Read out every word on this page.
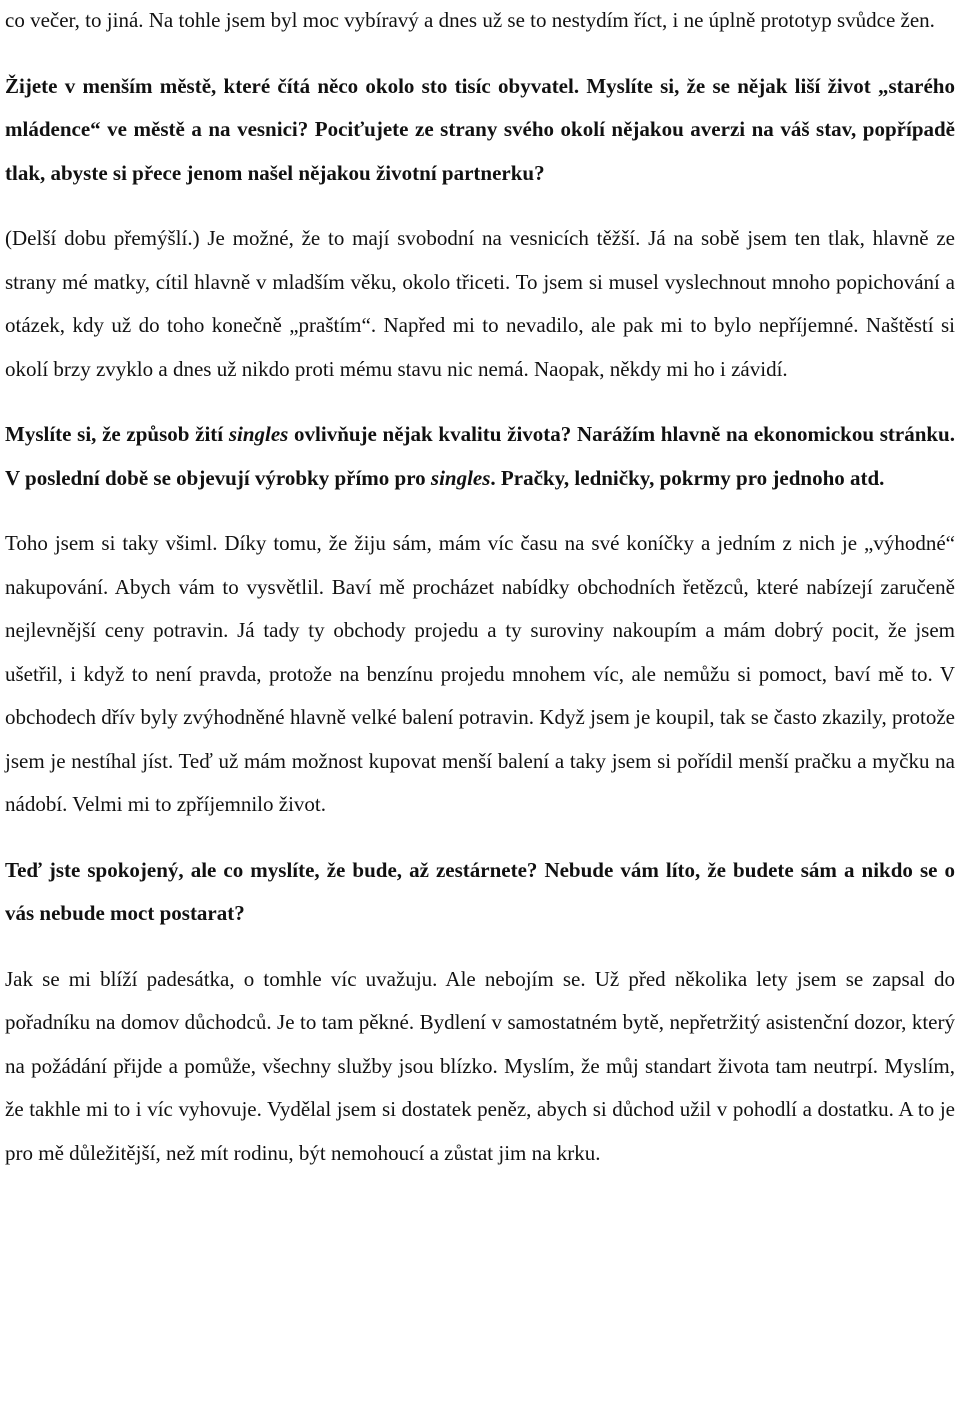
co večer, to jiná. Na tohle jsem byl moc vybíravý a dnes už se to nestydím říct, i ne úplně prototyp svůdce žen.

Žijete v menším městě, které čítá něco okolo sto tisíc obyvatel. Myslíte si, že se nějak liší život „starého mládence“ ve městě a na vesnici? Pociťujete ze strany svého okolí nějakou averzi na váš stav, popřípadě tlak, abyste si přece jenom našel nějakou životní partnerku?

(Delší dobu přemýšlí.) Je možné, že to mají svobodní na vesnicích těžší. Já na sobě jsem ten tlak, hlavně ze strany mé matky, cítil hlavně v mladším věku, okolo třiceti. To jsem si musel vyslechnout mnoho popichování a otázek, kdy už do toho konečně „praštím“. Napřed mi to nevadilo, ale pak mi to bylo nepříjemné. Naštěstí si okolí brzy zvyklo a dnes už nikdo proti mému stavu nic nemá. Naopak, někdy mi ho i závidí.

Myslíte si, že způsob žití singles ovlivňuje nějak kvalitu života? Narážím hlavně na ekonomickou stránku. V poslední době se objevují výrobky přímo pro singles. Pračky, ledničky, pokrmy pro jednoho atd.

Toho jsem si taky všiml. Díky tomu, že žiju sám, mám víc času na své koníčky a jedním z nich je „výhodné“ nakupování. Abych vám to vysvětlil. Baví mě procházet nabídky obchodních řetězců, které nabízejí zaručeně nejlevnější ceny potravin. Já tady ty obchody projedu a ty suroviny nakoupím a mám dobrý pocit, že jsem ušetřil, i když to není pravda, protože na benzínu projedu mnohem víc, ale nemůžu si pomoct, baví mě to. V obchodech dřív byly zvýhodněné hlavně velké balení potravin. Když jsem je koupil, tak se často zkazily, protože jsem je nestíhal jíst. Teď už mám možnost kupovat menší balení a taky jsem si pořídil menší pračku a myčku na nádobí. Velmi mi to zpříjemnilo život.

Teď jste spokojený, ale co myslíte, že bude, až zestárnete? Nebude vám líto, že budete sám a nikdo se o vás nebude moct postarat?

Jak se mi blíží padesátka, o tomhle víc uvažuju. Ale nebojím se. Už před několika lety jsem se zapsal do pořadníku na domov důchodců. Je to tam pěkné. Bydlení v samostatném bytě, nepřetržitý asistenční dozor, který na požádání přijde a pomůže, všechny služby jsou blízko. Myslím, že můj standart života tam neutrpí. Myslím, že takhle mi to i víc vyhovuje. Vydělal jsem si dostatek peněz, abych si důchod užil v pohodlí a dostatku. A to je pro mě důležitější, než mít rodinu, být nemohoucí a zůstat jim na krku.
